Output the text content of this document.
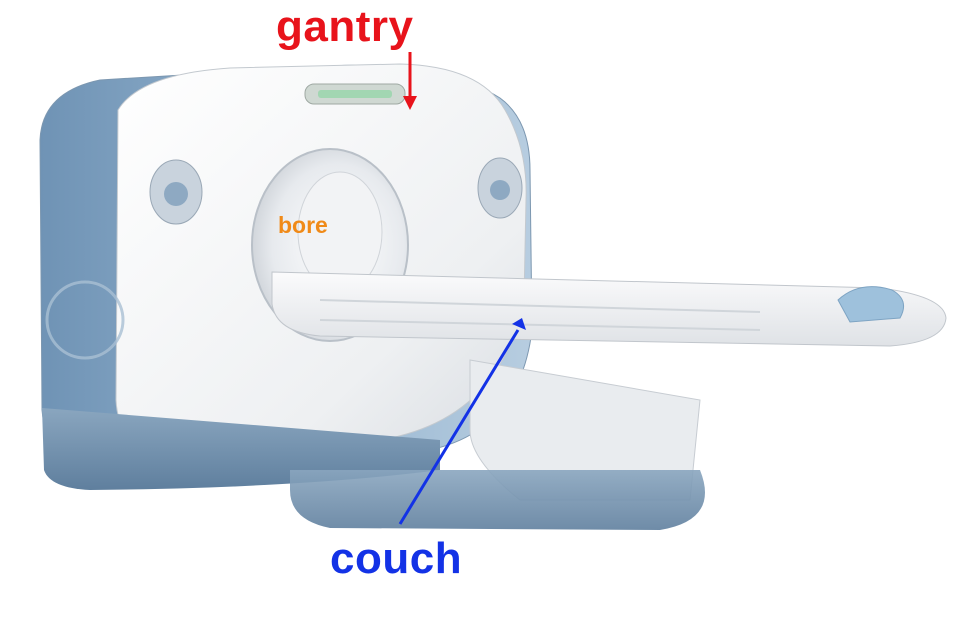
gantry
bore
couch
